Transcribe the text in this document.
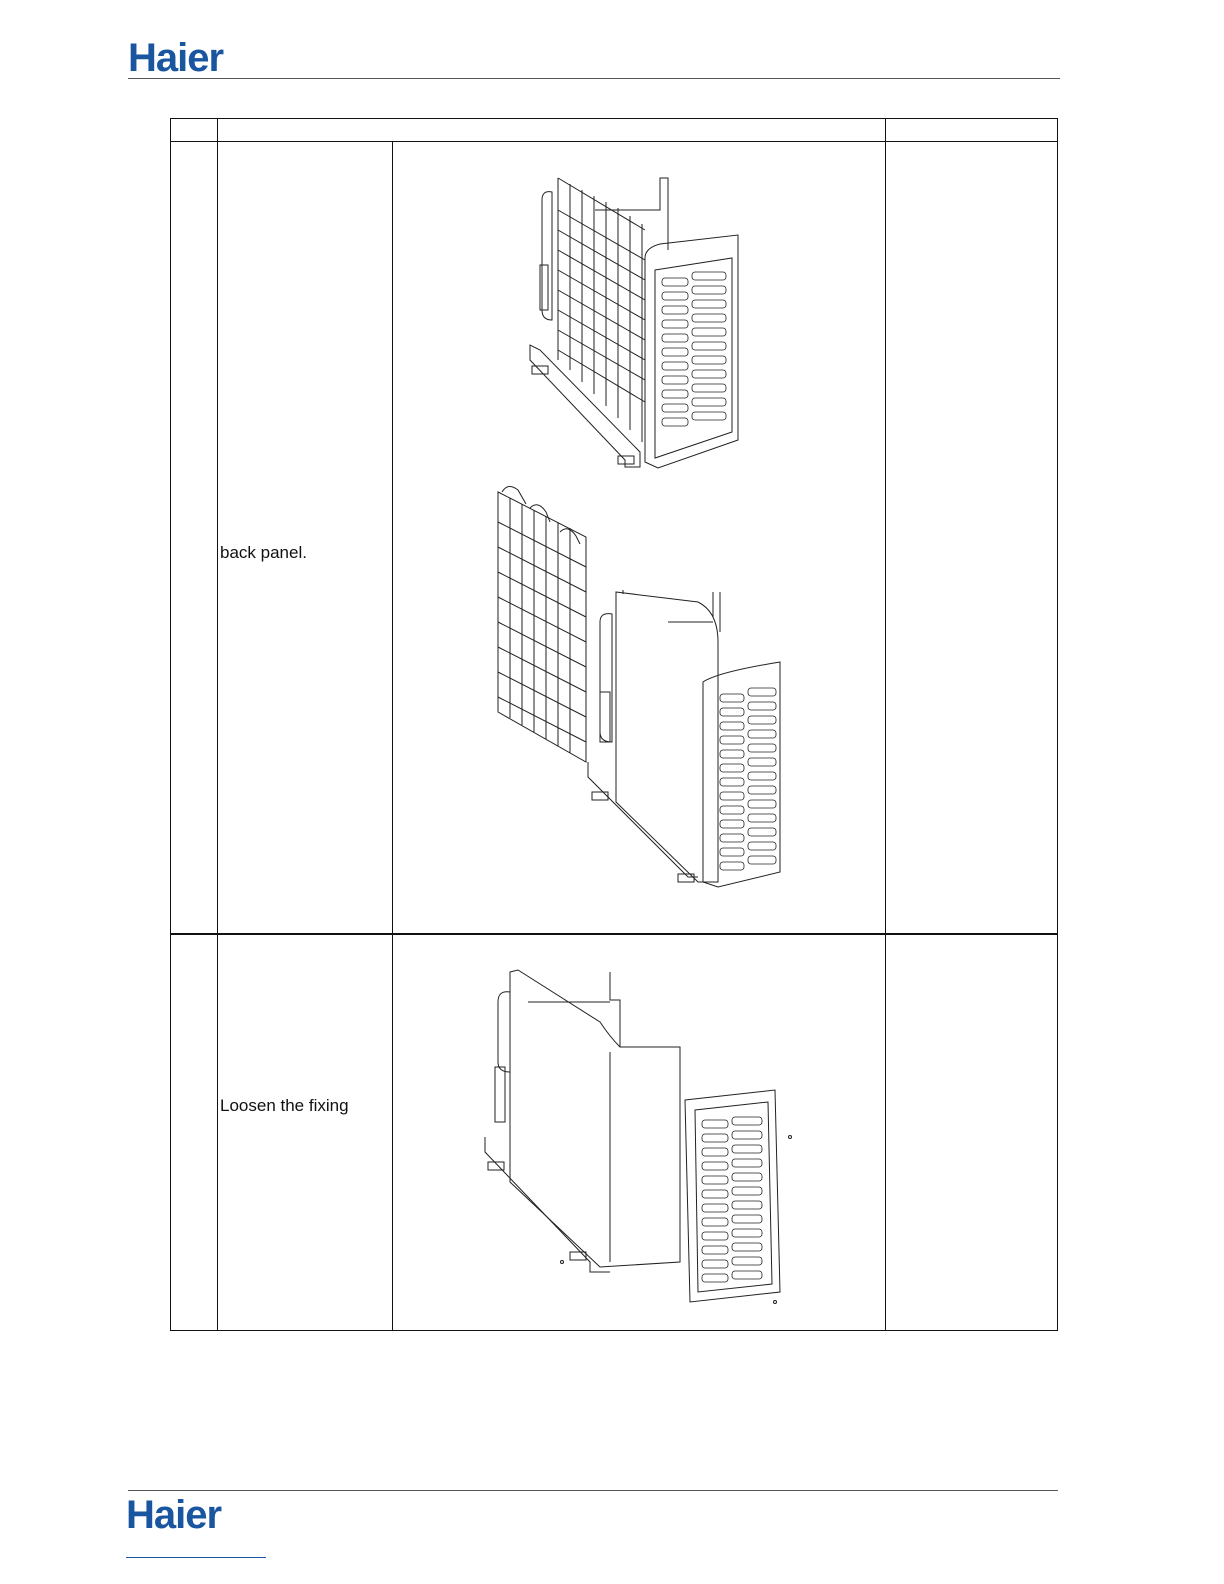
Haier
back panel.
Loosen the fixing
Haier
